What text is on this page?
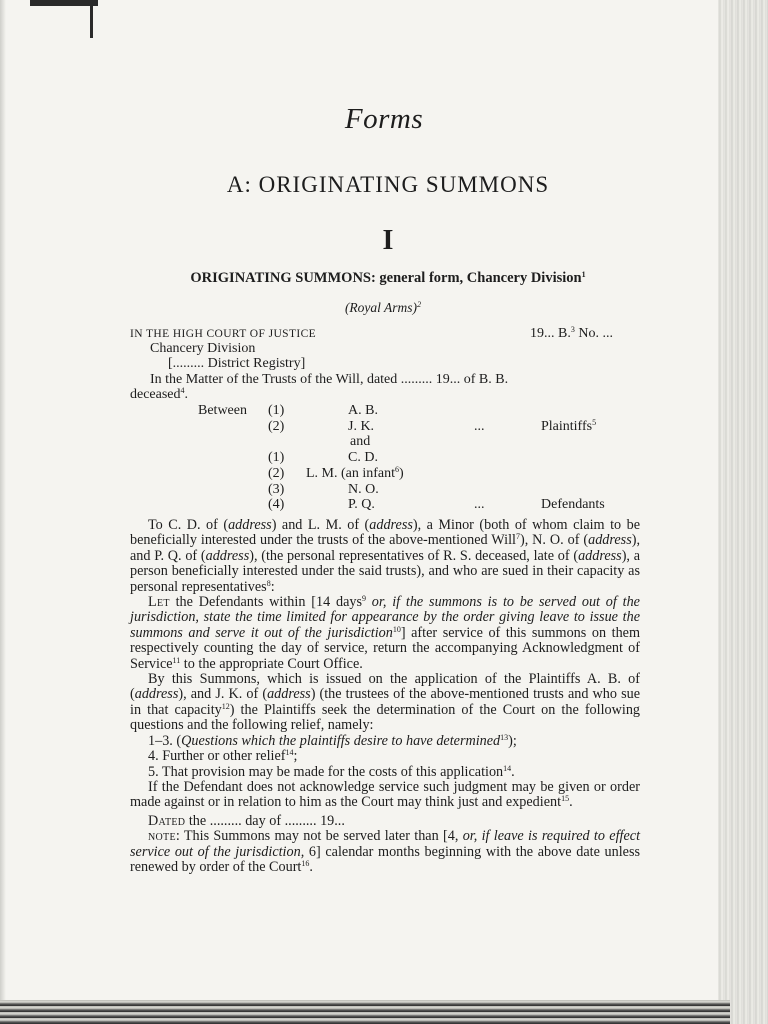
Forms
A: ORIGINATING SUMMONS
I
ORIGINATING SUMMONS: general form, Chancery Division$^1$
(Royal Arms)$^2$
IN THE HIGH COURT OF JUSTICE	19... B.$^3$ No. ...
Chancery Division
[......... District Registry]
In the Matter of the Trusts of the Will, dated ......... 19... of B. B.
deceased$^4$.
Between (1)	A. B.
(2)	J. K.	...	Plaintiffs$^5$
and
(1)	C. D.
(2) L. M. (an infant$^6$)
(3)	N. O.
(4)	P. Q.	...	Defendants

To C. D. of (address) and L. M. of (address), a Minor (both of whom claim to be beneficially interested under the trusts of the above-mentioned Will$^7$), N. O. of (address), and P. Q. of (address), (the personal representatives of R. S. deceased, late of (address), a person beneficially interested under the said trusts), and who are sued in their capacity as personal representatives$^8$:

Let the Defendants within [14 days$^9$ or, if the summons is to be served out of the jurisdiction, state the time limited for appearance by the order giving leave to issue the summons and serve it out of the jurisdiction$^{10}$] after service of this summons on them respectively counting the day of service, return the accompanying Acknowledgment of Service$^{11}$ to the appropriate Court Office.

By this Summons, which is issued on the application of the Plaintiffs A. B. of (address), and J. K. of (address) (the trustees of the above-mentioned trusts and who sue in that capacity$^{12}$) the Plaintiffs seek the determination of the Court on the following questions and the following relief, namely:

1–3. (Questions which the plaintiffs desire to have determined$^{13}$);

4. Further or other relief$^{14}$;

5. That provision may be made for the costs of this application$^{14}$.

If the Defendant does not acknowledge service such judgment may be given or order made against or in relation to him as the Court may think just and expedient$^{15}$.

Dated the ......... day of ......... 19...

note: This Summons may not be served later than [4, or, if leave is required to effect service out of the jurisdiction, 6] calendar months beginning with the above date unless renewed by order of the Court$^{16}$.
